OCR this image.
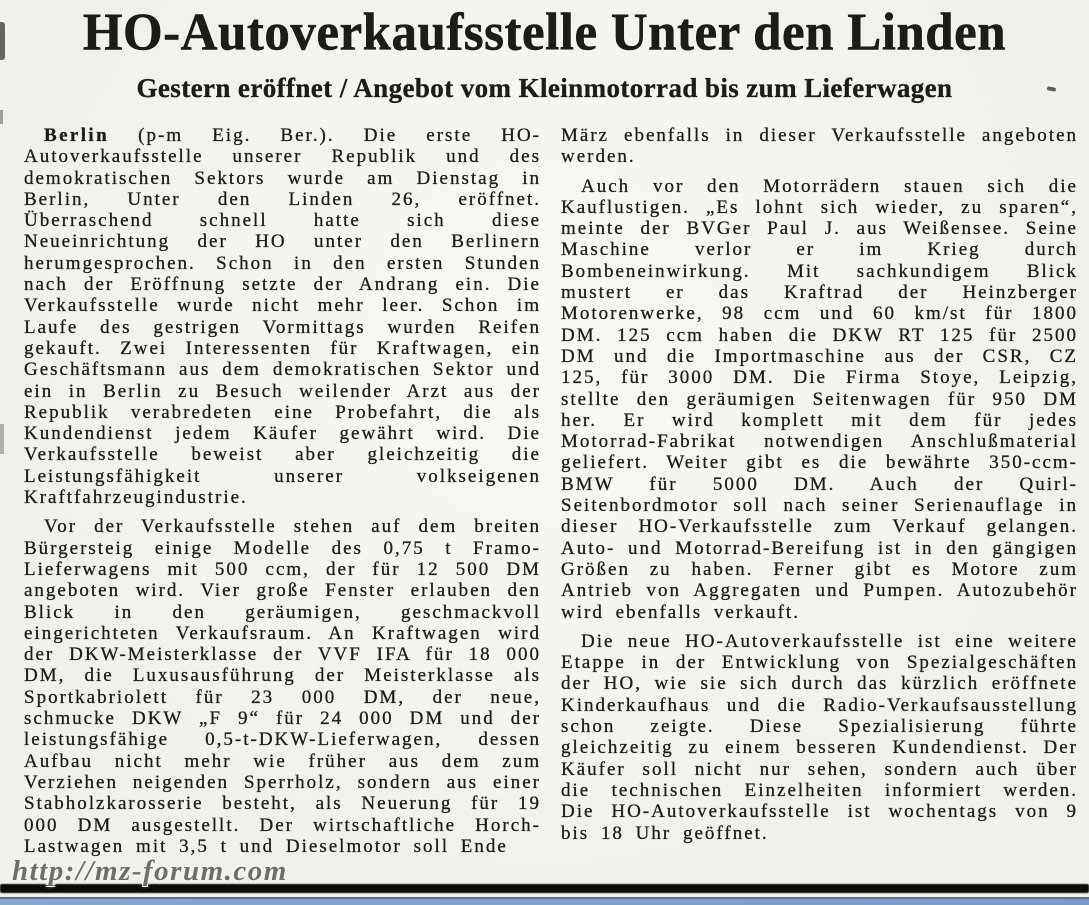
HO-Autoverkaufsstelle Unter den Linden
Gestern eröffnet / Angebot vom Kleinmotorrad bis zum Lieferwagen

Berlin (p-m Eig. Ber.). Die erste HO-Autoverkaufsstelle unserer Republik und des demokratischen Sektors wurde am Dienstag in Berlin, Unter den Linden 26, eröffnet. Überraschend schnell hatte sich diese Neueinrichtung der HO unter den Berlinern herumgesprochen. Schon in den ersten Stunden nach der Eröffnung setzte der Andrang ein. Die Verkaufsstelle wurde nicht mehr leer. Schon im Laufe des gestrigen Vormittags wurden Reifen gekauft. Zwei Interessenten für Kraftwagen, ein Geschäftsmann aus dem demokratischen Sektor und ein in Berlin zu Besuch weilender Arzt aus der Republik verabredeten eine Probefahrt, die als Kundendienst jedem Käufer gewährt wird. Die Verkaufsstelle beweist aber gleichzeitig die Leistungsfähigkeit unserer volkseigenen Kraftfahrzeugindustrie.

Vor der Verkaufsstelle stehen auf dem breiten Bürgersteig einige Modelle des 0,75 t Framo-Lieferwagens mit 500 ccm, der für 12 500 DM angeboten wird. Vier große Fenster erlauben den Blick in den geräumigen, geschmackvoll eingerichteten Verkaufsraum. An Kraftwagen wird der DKW-Meisterklasse der VVF IFA für 18 000 DM, die Luxusausführung der Meisterklasse als Sportkabriolett für 23 000 DM, der neue, schmucke DKW „F 9“ für 24 000 DM und der leistungsfähige 0,5-t-DKW-Lieferwagen, dessen Aufbau nicht mehr wie früher aus dem zum Verziehen neigenden Sperrholz, sondern aus einer Stabholzkarosserie besteht, als Neuerung für 19 000 DM ausgestellt. Der wirtschaftliche Horch-Lastwagen mit 3,5 t und Dieselmotor soll Ende

März ebenfalls in dieser Verkaufsstelle angeboten werden.

Auch vor den Motorrädern stauen sich die Kauflustigen. „Es lohnt sich wieder, zu sparen“, meinte der BVGer Paul J. aus Weißensee. Seine Maschine verlor er im Krieg durch Bombeneinwirkung. Mit sachkundigem Blick mustert er das Kraftrad der Heinzberger Motorenwerke, 98 ccm und 60 km/st für 1800 DM. 125 ccm haben die DKW RT 125 für 2500 DM und die Importmaschine aus der CSR, CZ 125, für 3000 DM. Die Firma Stoye, Leipzig, stellte den geräumigen Seitenwagen für 950 DM her. Er wird komplett mit dem für jedes Motorrad-Fabrikat notwendigen Anschlußmaterial geliefert. Weiter gibt es die bewährte 350-ccm-BMW für 5000 DM. Auch der Quirl-Seitenbordmotor soll nach seiner Serienauflage in dieser HO-Verkaufsstelle zum Verkauf gelangen. Auto- und Motorrad-Bereifung ist in den gängigen Größen zu haben. Ferner gibt es Motore zum Antrieb von Aggregaten und Pumpen. Autozubehör wird ebenfalls verkauft.

Die neue HO-Autoverkaufsstelle ist eine weitere Etappe in der Entwicklung von Spezialgeschäften der HO, wie sie sich durch das kürzlich eröffnete Kinderkaufhaus und die Radio-Verkaufsausstellung schon zeigte. Diese Spezialisierung führte gleichzeitig zu einem besseren Kundendienst. Der Käufer soll nicht nur sehen, sondern auch über die technischen Einzelheiten informiert werden. Die HO-Autoverkaufsstelle ist wochentags von 9 bis 18 Uhr geöffnet.

http://mz-forum.com
